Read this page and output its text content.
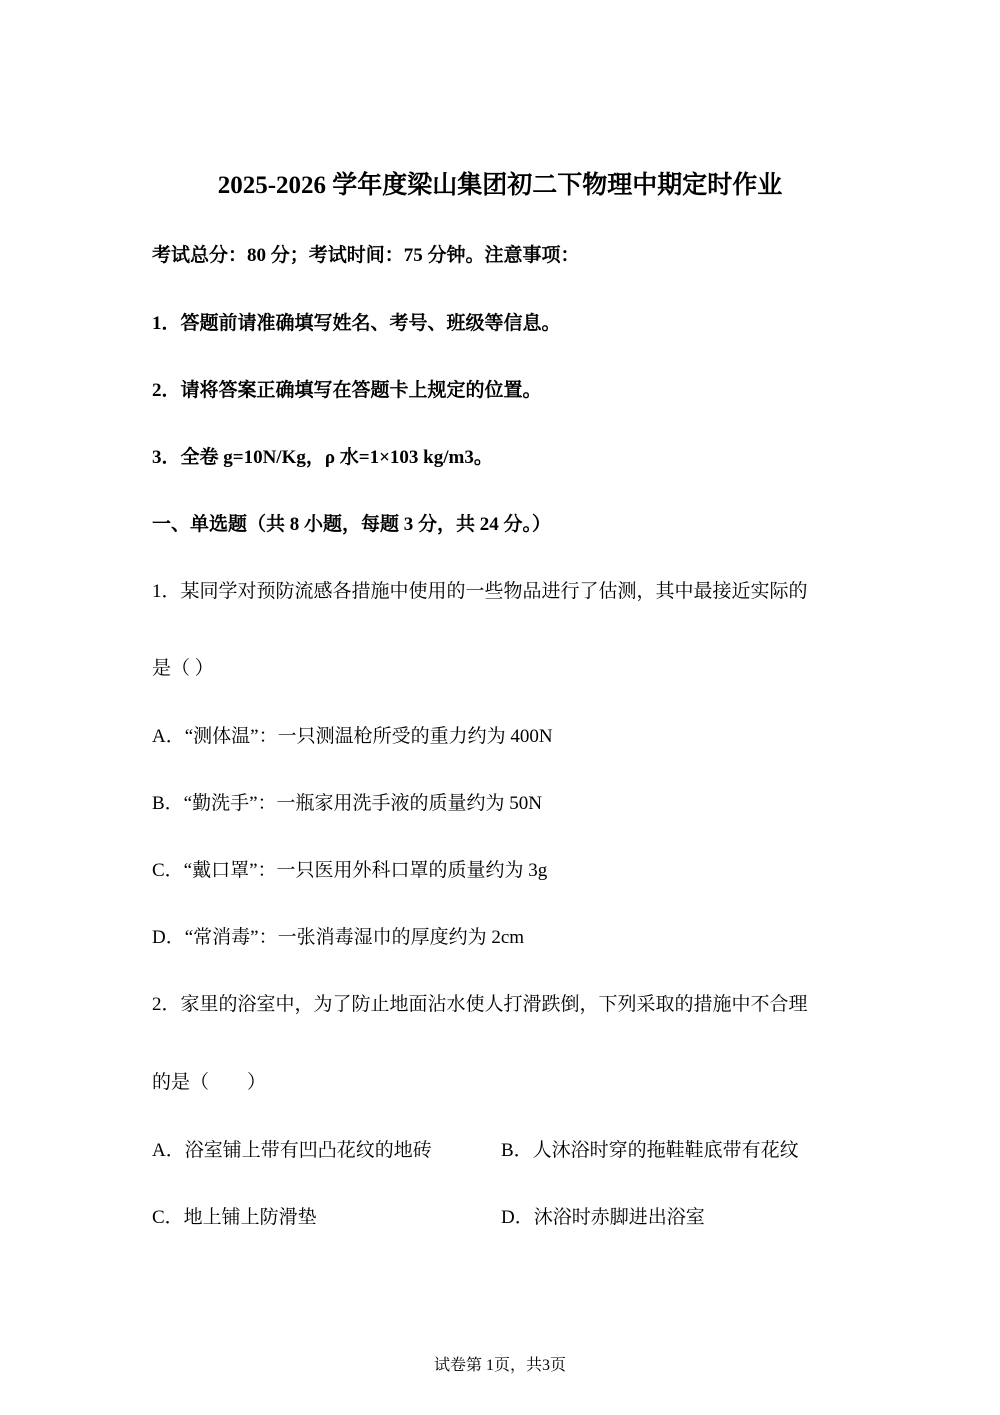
2025-2026 学年度梁山集团初二下物理中期定时作业
考试总分：80 分；考试时间：75 分钟。注意事项：
1．答题前请准确填写姓名、考号、班级等信息。
2．请将答案正确填写在答题卡上规定的位置。
3．全卷 g=10N/Kg，ρ 水=1×103 kg/m3。
一、单选题（共 8 小题，每题 3 分，共 24 分。）
1．某同学对预防流感各措施中使用的一些物品进行了估测，其中最接近实际的
是（ ）
A．“测体温”：一只测温枪所受的重力约为 400N
B．“勤洗手”：一瓶家用洗手液的质量约为 50N
C．“戴口罩”：一只医用外科口罩的质量约为 3g
D．“常消毒”：一张消毒湿巾的厚度约为 2cm
2．家里的浴室中，为了防止地面沾水使人打滑跌倒，下列采取的措施中不合理
的是（　　）
A．浴室铺上带有凹凸花纹的地砖	B．人沐浴时穿的拖鞋鞋底带有花纹
C．地上铺上防滑垫	D．沐浴时赤脚进出浴室
试卷第 1页，共3页
